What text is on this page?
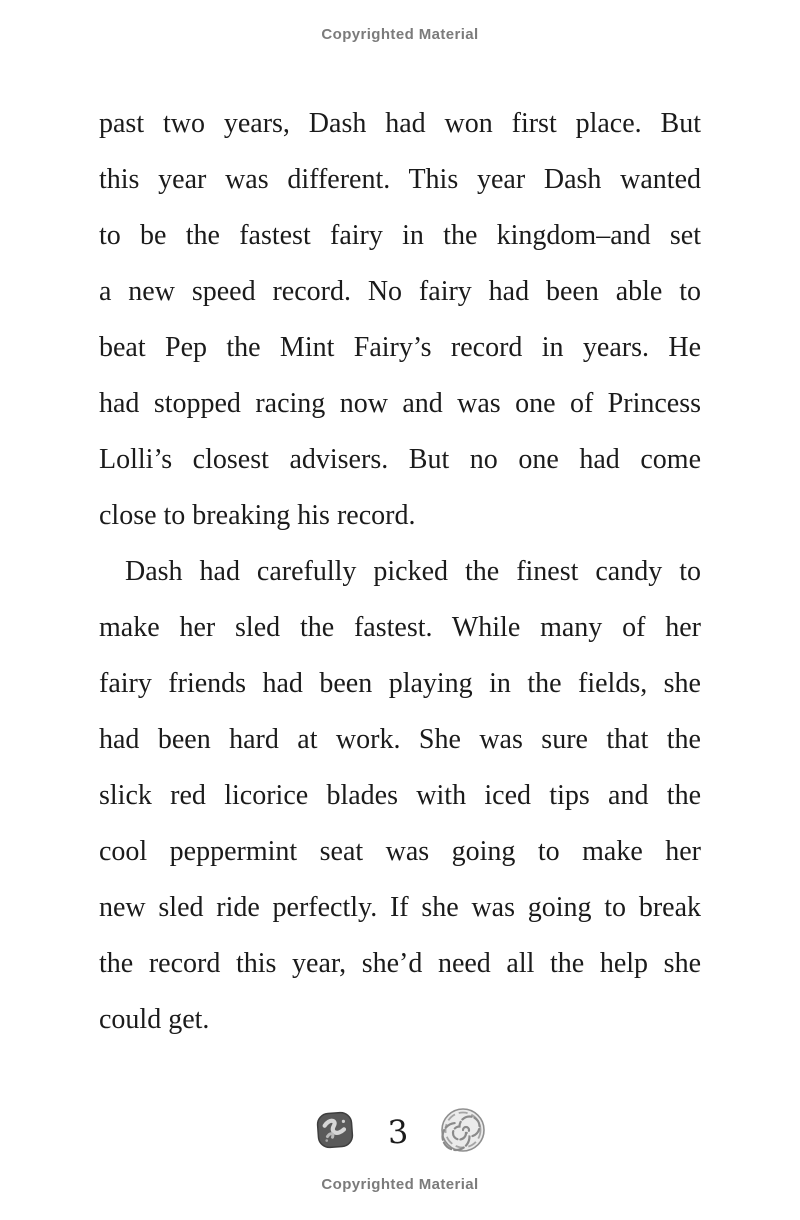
Copyrighted Material
past two years, Dash had won first place. But
this year was different. This year Dash wanted
to be the fastest fairy in the kingdom–and set
a new speed record. No fairy had been able to
beat Pep the Mint Fairy’s record in years. He
had stopped racing now and was one of Princess
Lolli’s closest advisers. But no one had come
close to breaking his record.
Dash had carefully picked the finest candy to
make her sled the fastest. While many of her
fairy friends had been playing in the fields, she
had been hard at work. She was sure that the
slick red licorice blades with iced tips and the
cool peppermint seat was going to make her
new sled ride perfectly. If she was going to break
the record this year, she’d need all the help she
could get.
3
Copyrighted Material
